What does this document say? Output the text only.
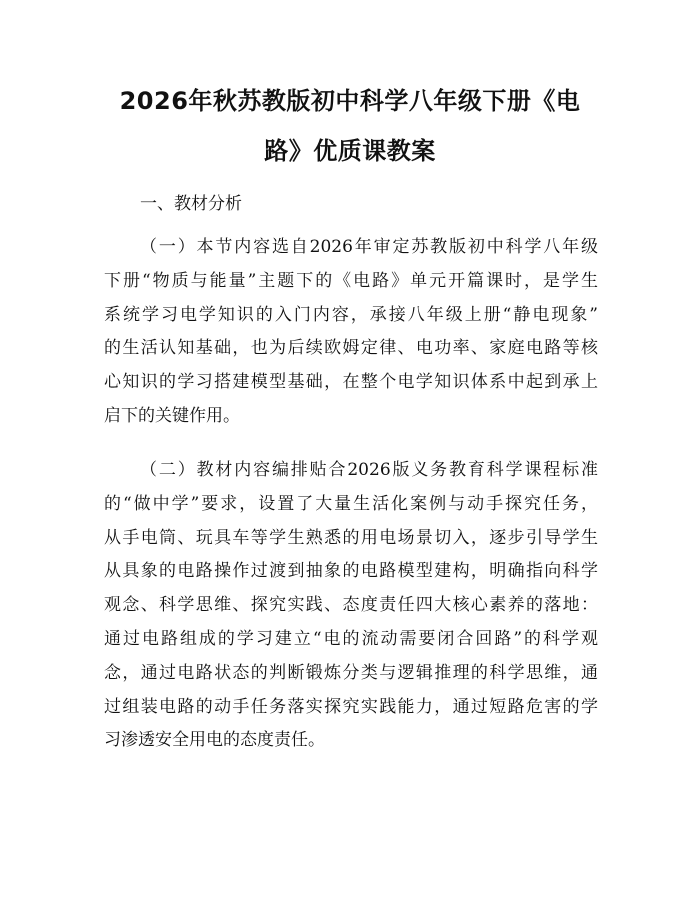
2026年秋苏教版初中科学八年级下册《电
路》优质课教案

一、教材分析

（一）本节内容选自2026年审定苏教版初中科学八年级
下册“物质与能量”主题下的《电路》单元开篇课时，是学生
系统学习电学知识的入门内容，承接八年级上册“静电现象”
的生活认知基础，也为后续欧姆定律、电功率、家庭电路等核
心知识的学习搭建模型基础，在整个电学知识体系中起到承上
启下的关键作用。
（二）教材内容编排贴合2026版义务教育科学课程标准
的“做中学”要求，设置了大量生活化案例与动手探究任务，
从手电筒、玩具车等学生熟悉的用电场景切入，逐步引导学生
从具象的电路操作过渡到抽象的电路模型建构，明确指向科学
观念、科学思维、探究实践、态度责任四大核心素养的落地：
通过电路组成的学习建立“电的流动需要闭合回路”的科学观
念，通过电路状态的判断锻炼分类与逻辑推理的科学思维，通
过组装电路的动手任务落实探究实践能力，通过短路危害的学
习渗透安全用电的态度责任。
